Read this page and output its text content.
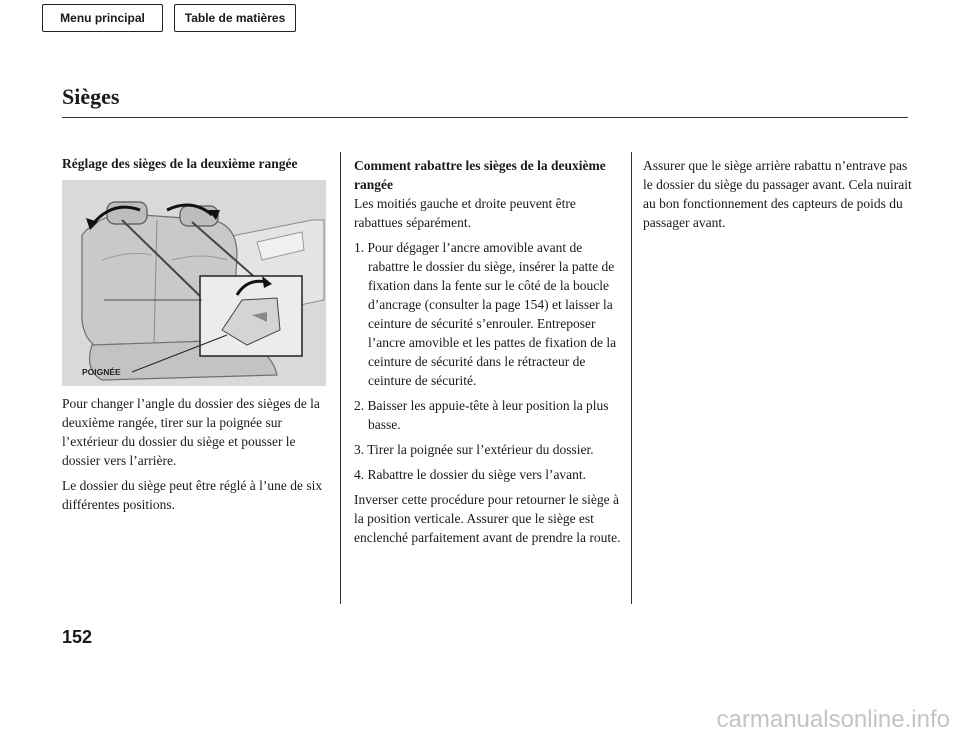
Menu principal	Table de matières
Sièges
Réglage des sièges de la deuxième rangée
POIGNÉE

Pour changer l’angle du dossier des sièges de la deuxième rangée, tirer sur la poignée sur l’extérieur du dossier du siège et pousser le dossier vers l’arrière.

Le dossier du siège peut être réglé à l’une de six différentes positions.

Comment rabattre les sièges de la deuxième rangée

Les moitiés gauche et droite peuvent être rabattues séparément.

1. Pour dégager l’ancre amovible avant de rabattre le dossier du siège, insérer la patte de fixation dans la fente sur le côté de la boucle d’ancrage (consulter la page 154) et laisser la ceinture de sécurité s’enrouler. Entreposer l’ancre amovible et les pattes de fixation de la ceinture de sécurité dans le rétracteur de ceinture de sécurité.
2. Baisser les appuie-tête à leur position la plus basse.
3. Tirer la poignée sur l’extérieur du dossier.
4. Rabattre le dossier du siège vers l’avant.

Inverser cette procédure pour retourner le siège à la position verticale. Assurer que le siège est enclenché parfaitement avant de prendre la route.

Assurer que le siège arrière rabattu n’entrave pas le dossier du siège du passager avant. Cela nuirait au bon fonctionnement des capteurs de poids du passager avant.

152
carmanualsonline.info
